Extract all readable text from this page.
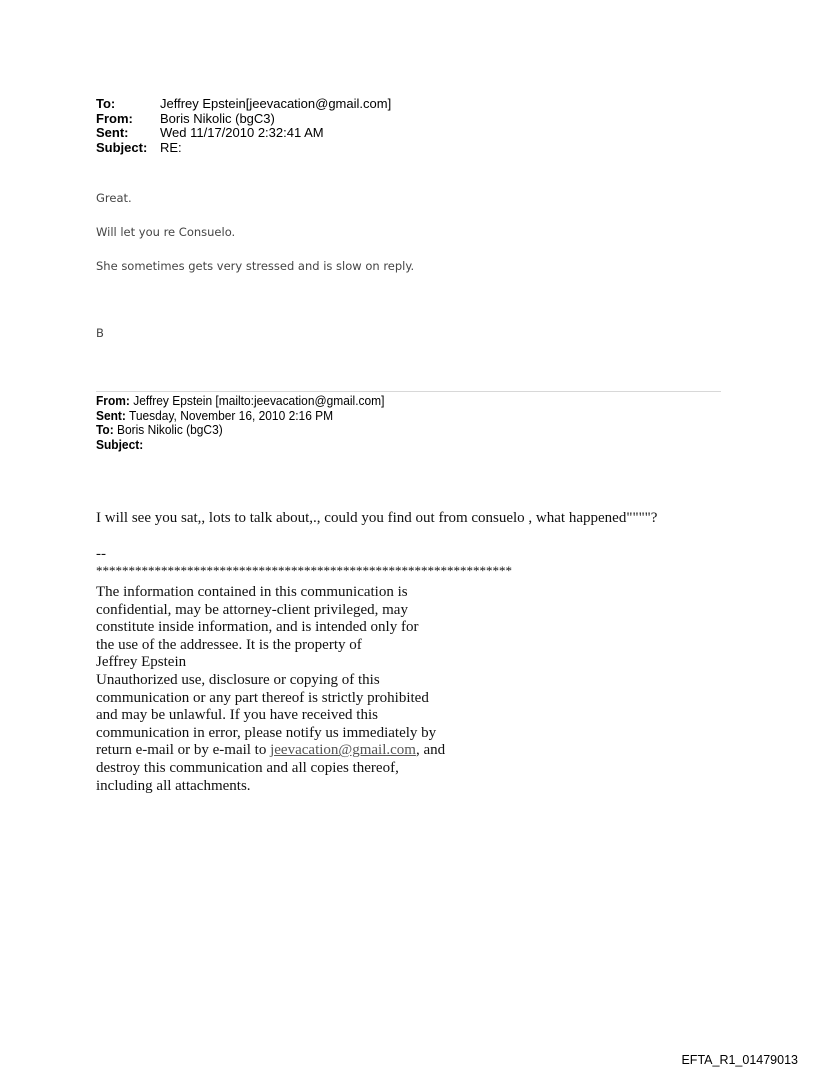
To:	Jeffrey Epstein[jeevacation@gmail.com]
From:	Boris Nikolic (bgC3)
Sent:	Wed 11/17/2010 2:32:41 AM
Subject: RE:
Great.
Will let you re Consuelo.
She sometimes gets very stressed and is slow on reply.
B
From: Jeffrey Epstein [mailto:jeevacation@gmail.com]
Sent: Tuesday, November 16, 2010 2:16 PM
To: Boris Nikolic (bgC3)
Subject:
I will see you sat,, lots to talk about,., could you find out from consuelo , what happened""""?
--
****************************************************************
The information contained in this communication is
confidential, may be attorney-client privileged, may
constitute inside information, and is intended only for
the use of the addressee. It is the property of
Jeffrey Epstein
Unauthorized use, disclosure or copying of this
communication or any part thereof is strictly prohibited
and may be unlawful. If you have received this
communication in error, please notify us immediately by
return e-mail or by e-mail to jeevacation@gmail.com, and
destroy this communication and all copies thereof,
including all attachments.
EFTA_R1_01479013
